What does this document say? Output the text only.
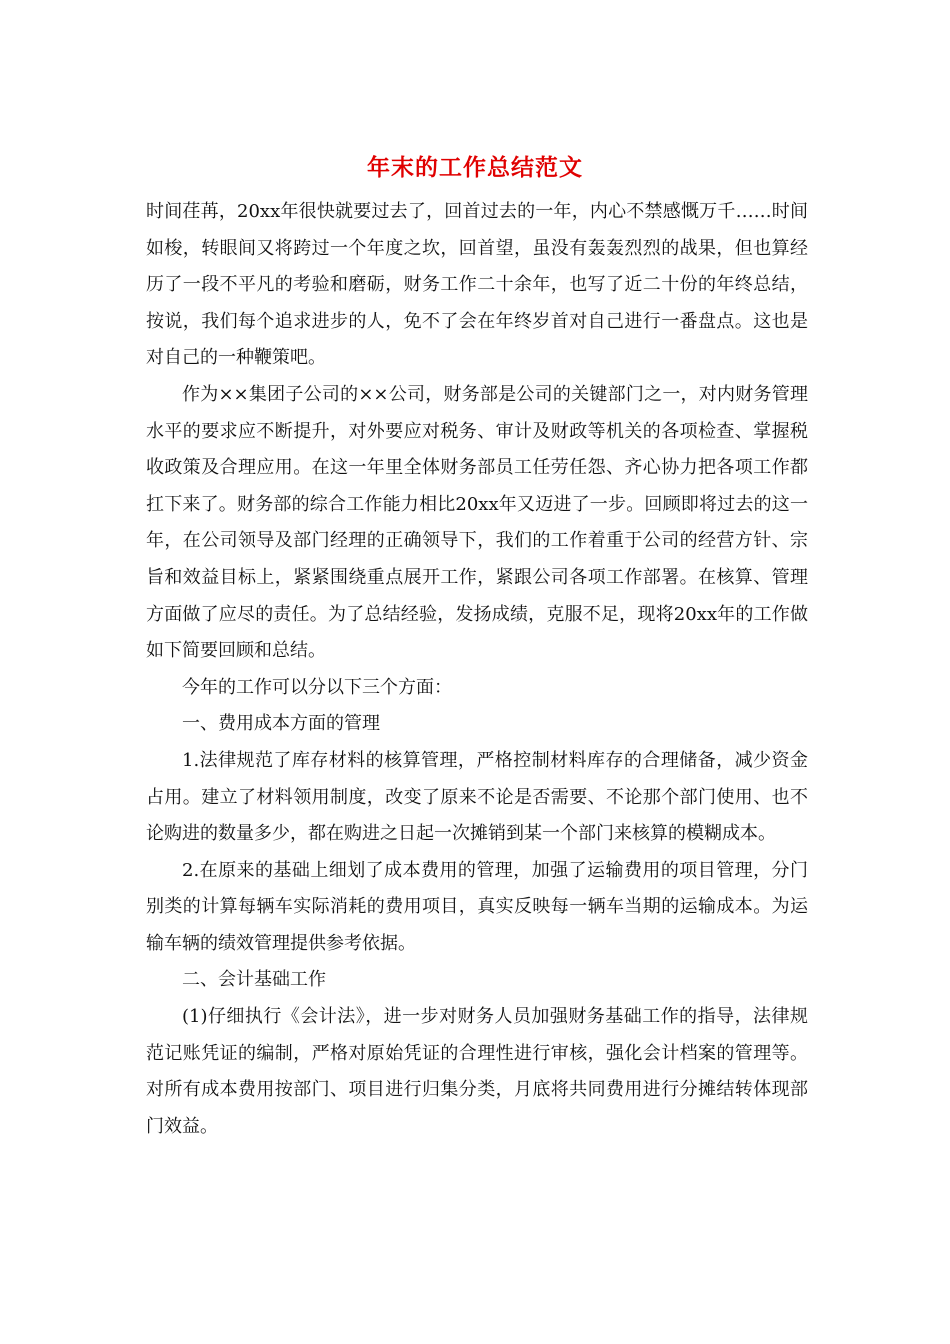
年末的工作总结范文

时间荏苒，20xx年很快就要过去了，回首过去的一年，内心不禁感慨万千……时间如梭，转眼间又将跨过一个年度之坎，回首望，虽没有轰轰烈烈的战果，但也算经历了一段不平凡的考验和磨砺，财务工作二十余年，也写了近二十份的年终总结，按说，我们每个追求进步的人，免不了会在年终岁首对自己进行一番盘点。这也是对自己的一种鞭策吧。

作为××集团子公司的××公司，财务部是公司的关键部门之一，对内财务管理水平的要求应不断提升，对外要应对税务、审计及财政等机关的各项检查、掌握税收政策及合理应用。在这一年里全体财务部员工任劳任怨、齐心协力把各项工作都扛下来了。财务部的综合工作能力相比20xx年又迈进了一步。回顾即将过去的这一年，在公司领导及部门经理的正确领导下，我们的工作着重于公司的经营方针、宗旨和效益目标上，紧紧围绕重点展开工作，紧跟公司各项工作部署。在核算、管理方面做了应尽的责任。为了总结经验，发扬成绩，克服不足，现将20xx年的工作做如下简要回顾和总结。

今年的工作可以分以下三个方面：

一、费用成本方面的管理

1.法律规范了库存材料的核算管理，严格控制材料库存的合理储备，减少资金占用。建立了材料领用制度，改变了原来不论是否需要、不论那个部门使用、也不论购进的数量多少，都在购进之日起一次摊销到某一个部门来核算的模糊成本。

2.在原来的基础上细划了成本费用的管理，加强了运输费用的项目管理，分门别类的计算每辆车实际消耗的费用项目，真实反映每一辆车当期的运输成本。为运输车辆的绩效管理提供参考依据。

二、会计基础工作

(1)仔细执行《会计法》，进一步对财务人员加强财务基础工作的指导，法律规范记账凭证的编制，严格对原始凭证的合理性进行审核，强化会计档案的管理等。对所有成本费用按部门、项目进行归集分类，月底将共同费用进行分摊结转体现部门效益。
